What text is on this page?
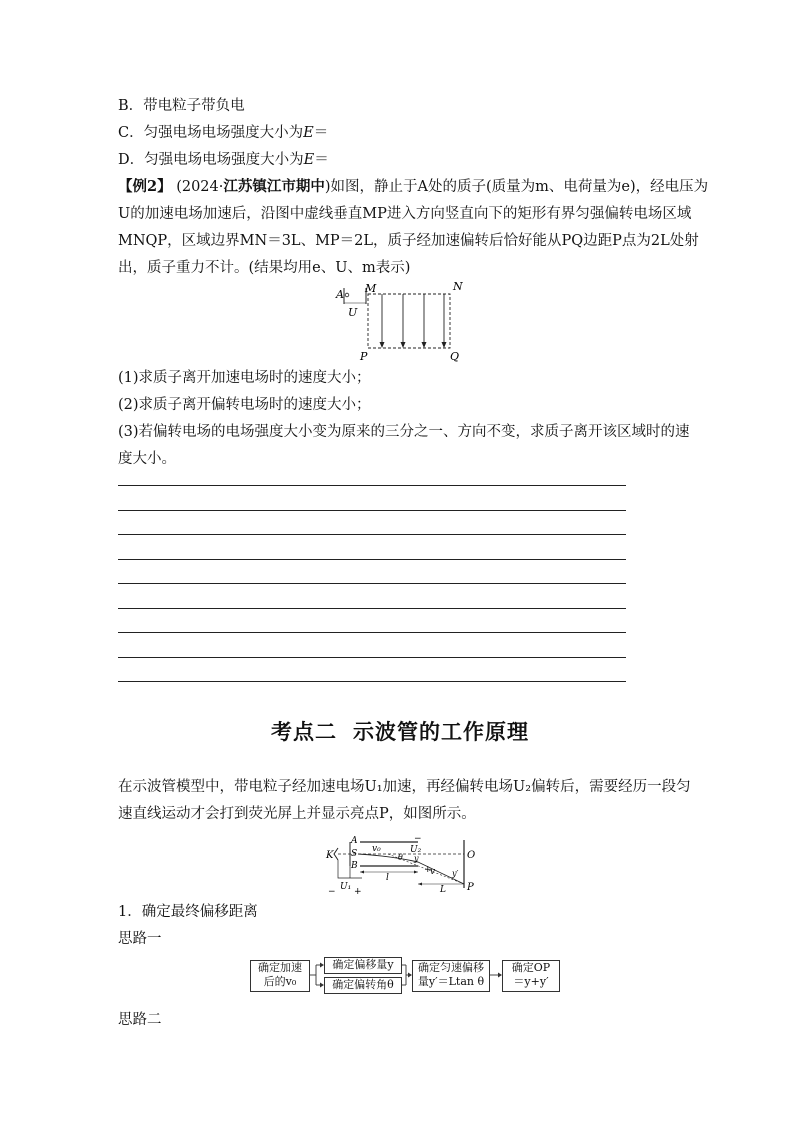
B．带电粒子带负电
C．匀强电场电场强度大小为E＝
D．匀强电场电场强度大小为E＝
【例2】 (2024·江苏镇江市期中)如图，静止于A处的质子(质量为m、电荷量为e)，经电压为
U的加速电场加速后，沿图中虚线垂直MP进入方向竖直向下的矩形有界匀强偏转电场区域
MNQP，区域边界MN＝3L、MP＝2L，质子经加速偏转后恰好能从PQ边距P点为2L处射
出，质子重力不计。(结果均用e、U、m表示)
A
U
M	N
P	Q
(1)求质子离开加速电场时的速度大小；
(2)求质子离开偏转电场时的速度大小；
(3)若偏转电场的电场强度大小变为原来的三分之一、方向不变，求质子离开该区域时的速
度大小。
考点二 示波管的工作原理
在示波管模型中，带电粒子经加速电场U₁加速，再经偏转电场U₂偏转后，需要经历一段匀
速直线运动才会打到荧光屏上并显示亮点P，如图所示。
K
A
S
B
−
U₂
+
O
P
v₀
θ y
v y′
l
L
U₁
− +
1．确定最终偏移距离
思路一
确定加速
后的v₀
确定偏移量y
确定偏转角θ
确定匀速偏移
量y′＝Ltan θ
确定OP
＝y+y′
思路二
